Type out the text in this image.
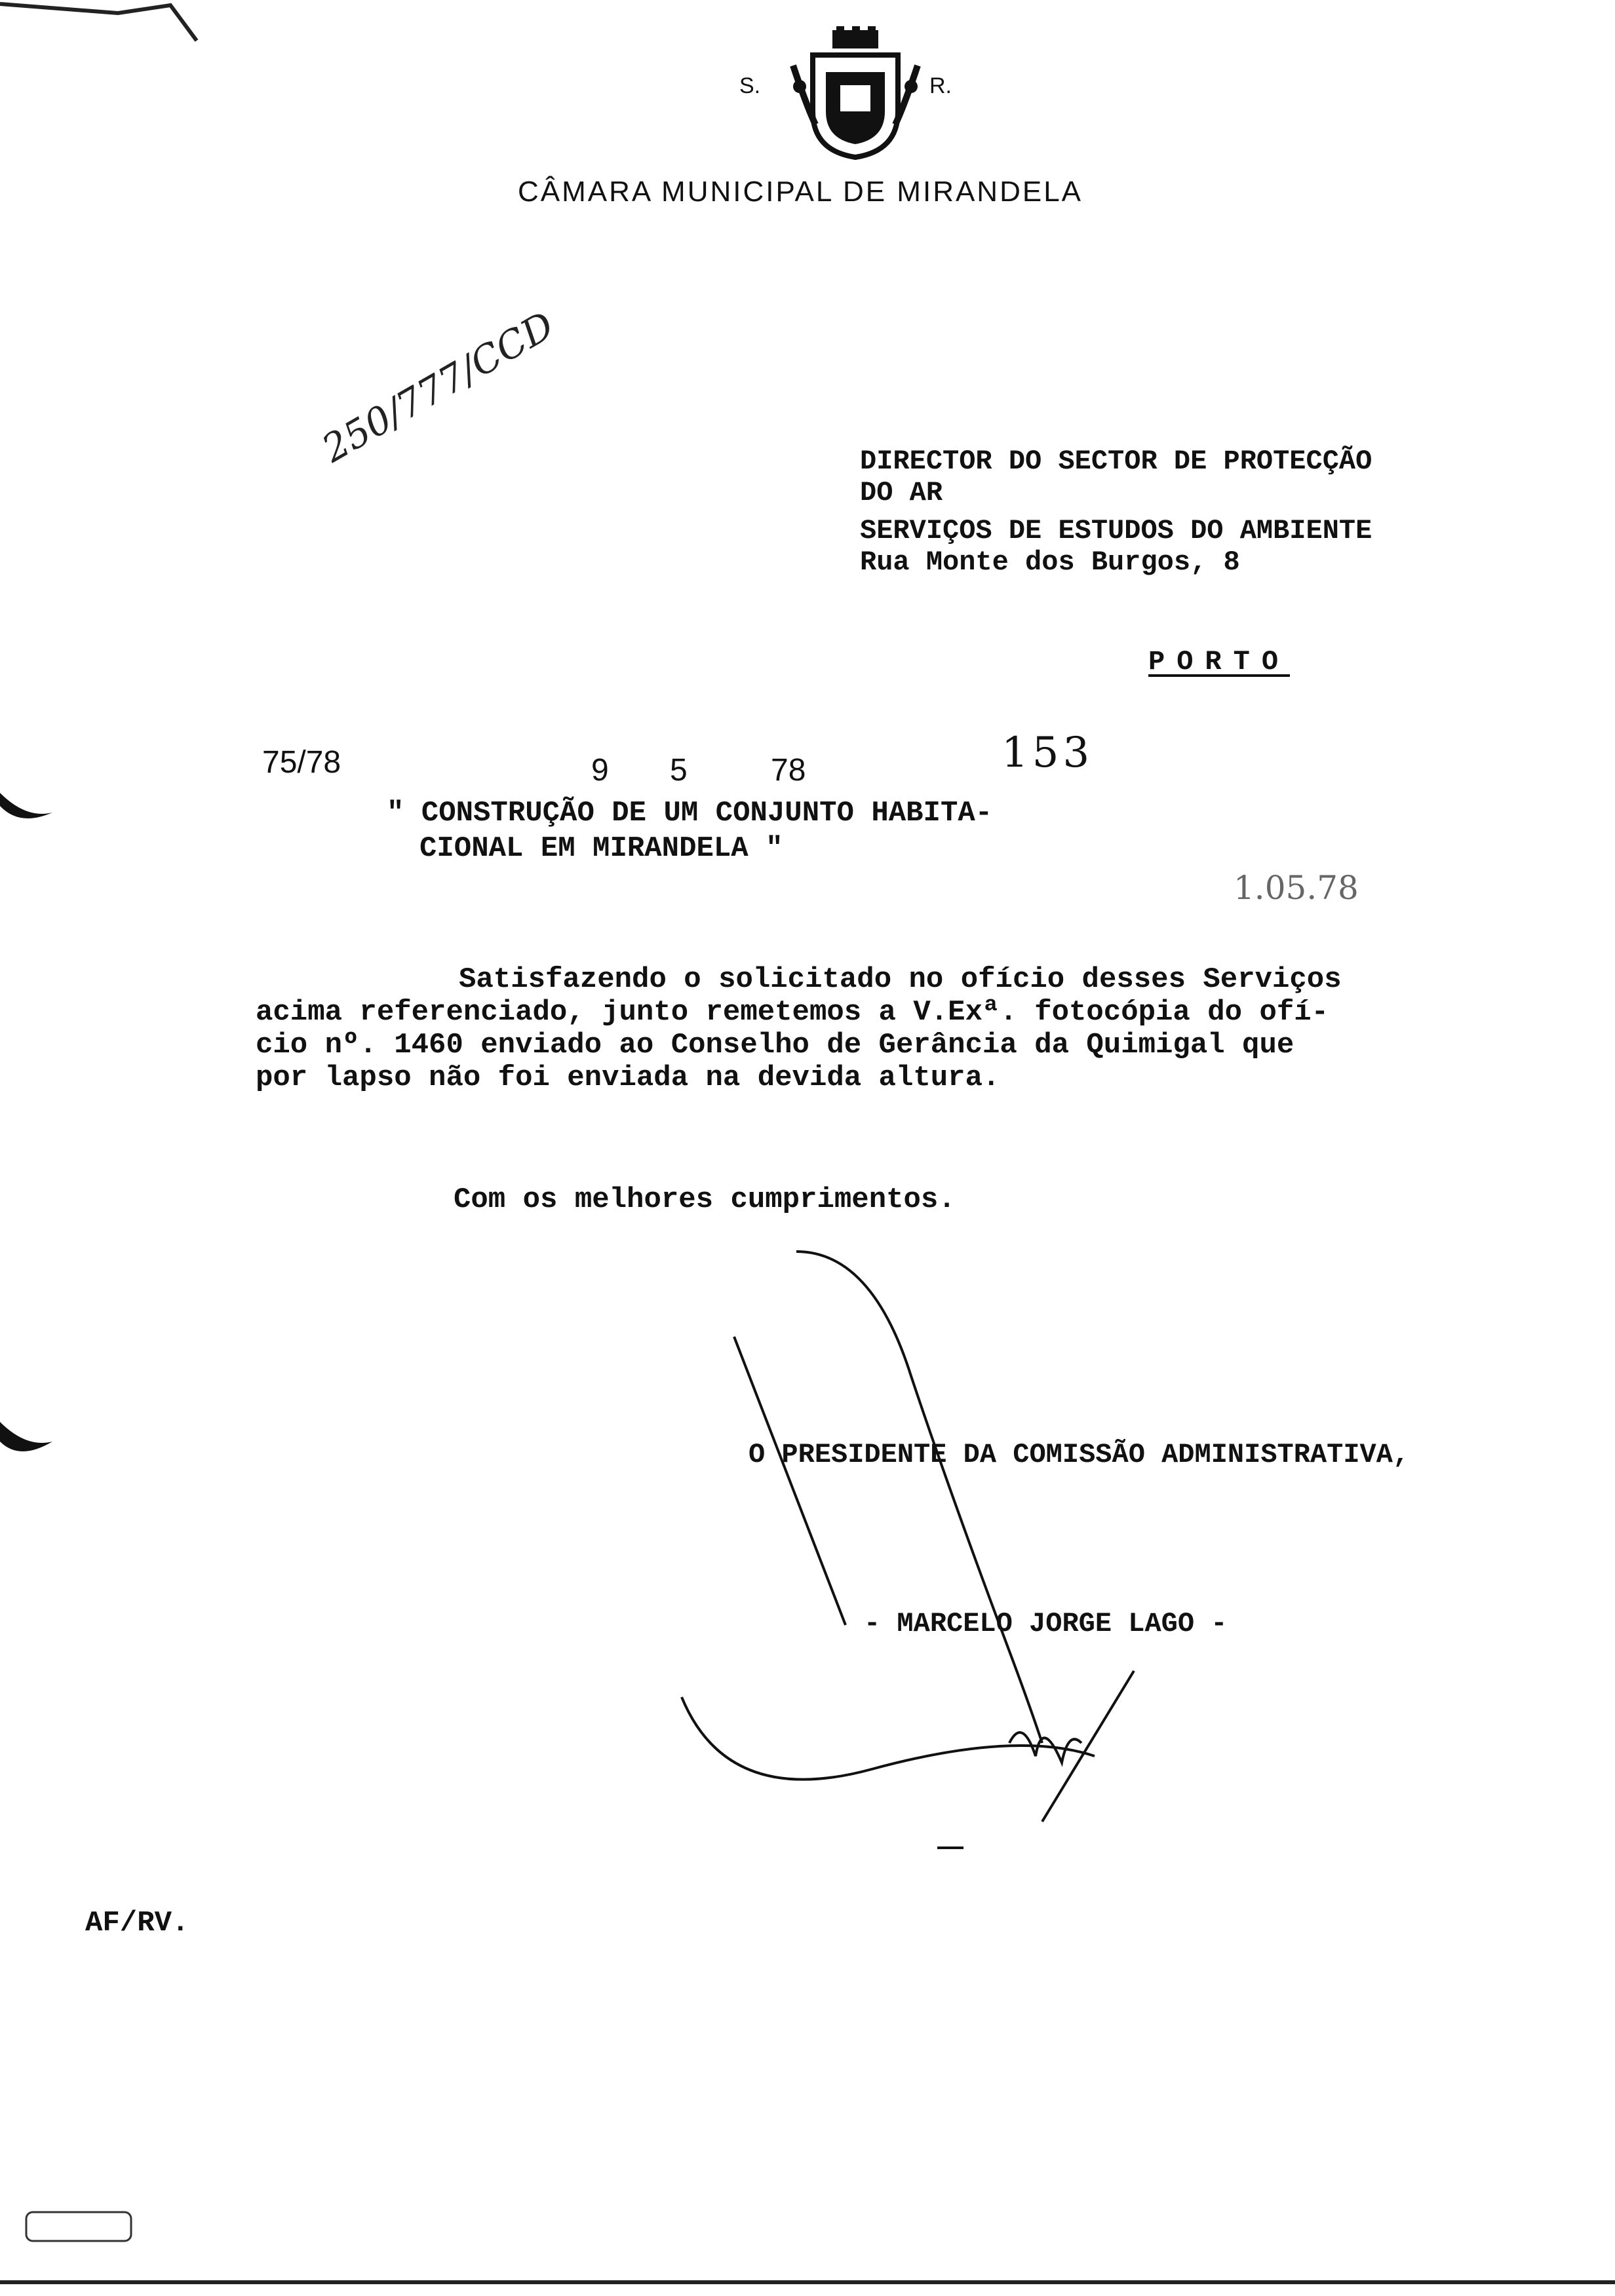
S.	R.
CÂMARA MUNICIPAL DE MIRANDELA
250/777/CCD	DIRECTOR DO SECTOR DE PROTECÇÃO
DO AR
SERVIÇOS DE ESTUDOS DO AMBIENTE
Rua Monte dos Burgos, 8
PORTO
75/78	9 5	78	153
1.05.78
" CONSTRUÇÃO DE UM CONJUNTO HABITA-
CIONAL EM MIRANDELA "
Satisfazendo o solicitado no ofício desses Serviços
acima referenciado, junto remetemos a V.Exª. fotocópia do ofí-
cio nº. 1460 enviado ao Conselho de Gerância da Quimigal que
por lapso não foi enviada na devida altura.
Com os melhores cumprimentos.
O PRESIDENTE DA COMISSÃO ADMINISTRATIVA,
- MARCELO JORGE LAGO -
AF/RV.
